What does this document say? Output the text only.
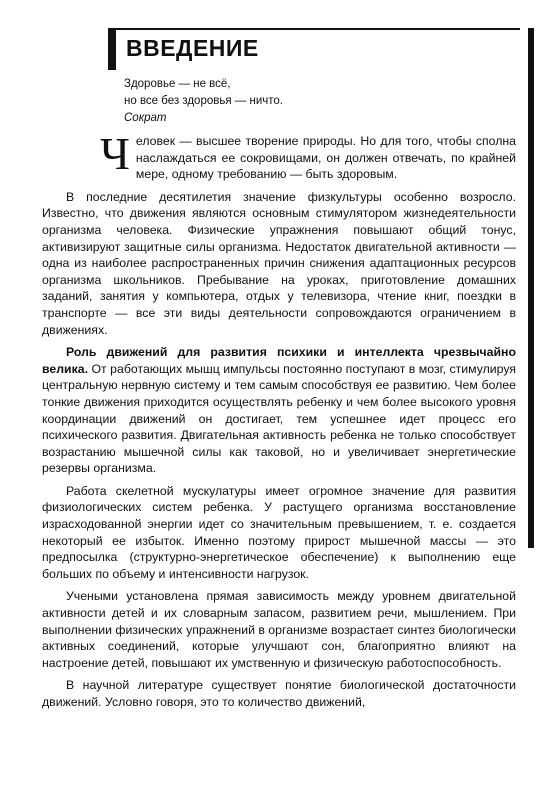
ВВЕДЕНИЕ
Здоровье — не всё,
но все без здоровья — ничто.
Сократ

Человек — высшее творение природы. Но для того, чтобы сполна наслаждаться ее сокровищами, он должен отвечать, по крайней мере, одному требованию — быть здоровым.

В последние десятилетия значение физкультуры особенно возросло. Известно, что движения являются основным стимулятором жизнедеятельности организма человека. Физические упражнения повышают общий тонус, активизируют защитные силы организма. Недостаток двигательной активности — одна из наиболее распространенных причин снижения адаптационных ресурсов организма школьников. Пребывание на уроках, приготовление домашних заданий, занятия у компьютера, отдых у телевизора, чтение книг, поездки в транспорте — все эти виды деятельности сопровождаются ограничением в движениях.

Роль движений для развития психики и интеллекта чрезвычайно велика. От работающих мышц импульсы постоянно поступают в мозг, стимулируя центральную нервную систему и тем самым способствуя ее развитию. Чем более тонкие движения приходится осуществлять ребенку и чем более высокого уровня координации движений он достигает, тем успешнее идет процесс его психического развития. Двигательная активность ребенка не только способствует возрастанию мышечной силы как таковой, но и увеличивает энергетические резервы организма.

Работа скелетной мускулатуры имеет огромное значение для развития физиологических систем ребенка. У растущего организма восстановление израсходованной энергии идет со значительным превышением, т. е. создается некоторый ее избыток. Именно поэтому прирост мышечной массы — это предпосылка (структурно-энергетическое обеспечение) к выполнению еще больших по объему и интенсивности нагрузок.

Учеными установлена прямая зависимость между уровнем двигательной активности детей и их словарным запасом, развитием речи, мышлением. При выполнении физических упражнений в организме возрастает синтез биологически активных соединений, которые улучшают сон, благоприятно влияют на настроение детей, повышают их умственную и физическую работоспособность.

В научной литературе существует понятие биологической достаточности движений. Условно говоря, это то количество движений,
